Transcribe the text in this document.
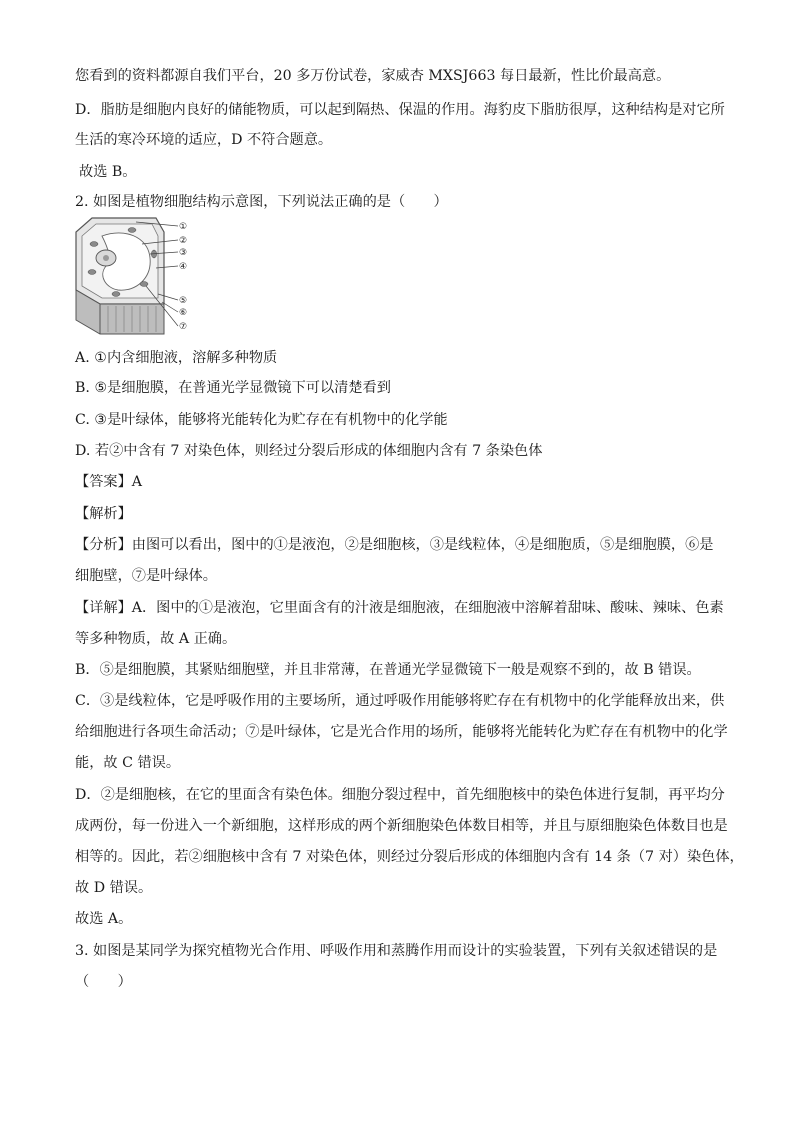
您看到的资料都源自我们平台，20 多万份试卷，家威杏 MXSJ663 每日最新，性比价最高意。
D．脂肪是细胞内良好的储能物质，可以起到隔热、保温的作用。海豹皮下脂肪很厚，这种结构是对它所
生活的寒冷环境的适应，D 不符合题意。
故选 B。
2. 如图是植物细胞结构示意图，下列说法正确的是（　　）
①
②
③
④
⑤
⑥
⑦
A. ①内含细胞液，溶解多种物质
B. ⑤是细胞膜，在普通光学显微镜下可以清楚看到
C. ③是叶绿体，能够将光能转化为贮存在有机物中的化学能
D. 若②中含有 7 对染色体，则经过分裂后形成的体细胞内含有 7 条染色体
【答案】A
【解析】
【分析】由图可以看出，图中的①是液泡，②是细胞核，③是线粒体，④是细胞质，⑤是细胞膜，⑥是
细胞壁，⑦是叶绿体。
【详解】A．图中的①是液泡，它里面含有的汁液是细胞液，在细胞液中溶解着甜味、酸味、辣味、色素
等多种物质，故 A 正确。
B．⑤是细胞膜，其紧贴细胞壁，并且非常薄，在普通光学显微镜下一般是观察不到的，故 B 错误。
C．③是线粒体，它是呼吸作用的主要场所，通过呼吸作用能够将贮存在有机物中的化学能释放出来，供
给细胞进行各项生命活动；⑦是叶绿体，它是光合作用的场所，能够将光能转化为贮存在有机物中的化学
能，故 C 错误。
D．②是细胞核，在它的里面含有染色体。细胞分裂过程中，首先细胞核中的染色体进行复制，再平均分
成两份，每一份进入一个新细胞，这样形成的两个新细胞染色体数目相等，并且与原细胞染色体数目也是
相等的。因此，若②细胞核中含有 7 对染色体，则经过分裂后形成的体细胞内含有 14 条（7 对）染色体，
故 D 错误。
故选 A。
3. 如图是某同学为探究植物光合作用、呼吸作用和蒸腾作用而设计的实验装置，下列有关叙述错误的是
（　　）
